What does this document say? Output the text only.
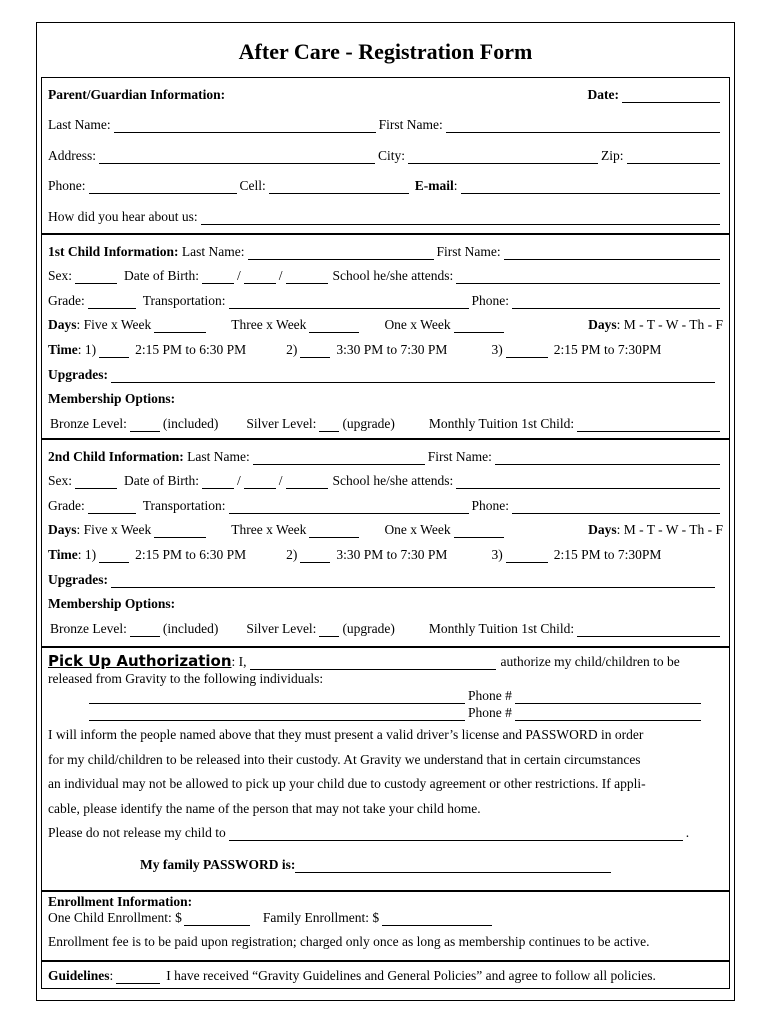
After Care - Registration Form
Parent/Guardian Information:	Date:
Last Name:	First Name:
Address:	City:	Zip:
Phone:	Cell:	E-mail :
How did you hear about us:
1st Child Information:
Last Name:	First Name:
Sex:	Date of Birth:	/	/	School he/she attends:
Grade:	Transportation:	Phone:
Days : Five x Week	Three x Week	One x Week	Days : M - T - W - Th - F
Time : 1)	2:15 PM to 6:30 PM	2)	3:30 PM to 7:30 PM	3)	2:15 PM to 7:30PM
Upgrades:
Membership Options:
Bronze Level:	(included) Silver Level: (upgrade)	Monthly Tuition 1st Child:
2nd Child Information:
Last Name:	First Name:
Sex:	Date of Birth:	/	/	School he/she attends:
Grade:	Transportation:	Phone:
Days : Five x Week	Three x Week	One x Week	Days : M - T - W - Th - F
Time : 1)	2:15 PM to 6:30 PM	2)	3:30 PM to 7:30 PM	3)	2:15 PM to 7:30PM
Upgrades:
Membership Options:
Bronze Level:	(included) Silver Level: (upgrade)	Monthly Tuition 1st Child:
Pick Up Authorization : I,	authorize my child/children to be
released from Gravity to the following individuals:
Phone #
Phone #
I will inform the people named above that they must present a valid driver’s license and PASSWORD in order
for my child/children to be released into their custody. At Gravity we understand that in certain circumstances
an individual may not be allowed to pick up your child due to custody agreement or other restrictions. If appli-
cable, please identify the name of the person that may not take your child home.
Please do not release my child to	.
My family PASSWORD is:
Enrollment Information:
One Child Enrollment: $	Family Enrollment: $
Enrollment fee is to be paid upon registration; charged only once as long as membership continues to be active.
Guidelines :	I have received “Gravity Guidelines and General Policies” and agree to follow all policies.
